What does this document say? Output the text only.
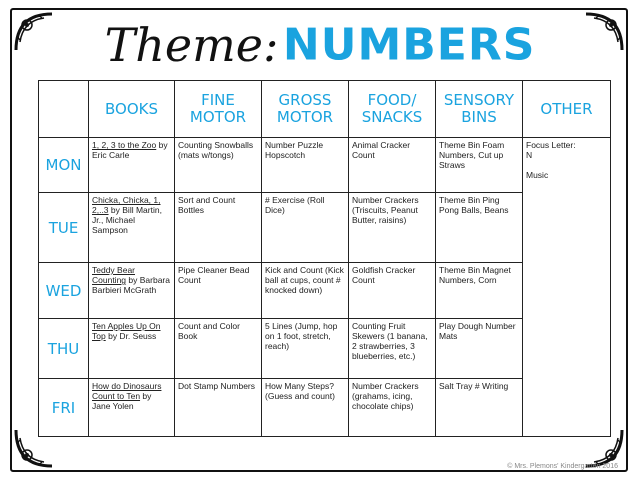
Theme: NUMBERS
	BOOKS	FINE MOTOR	GROSS MOTOR	FOOD/ SNACKS	SENSORY BINS	OTHER
MON	1, 2, 3 to the Zoo by Eric Carle	Counting Snowballs (mats w/tongs)	Number Puzzle Hopscotch	Animal Cracker Count	Theme Bin Foam Numbers, Cut up Straws	Focus Letter: N
Music

TUE	Chicka, Chicka, 1, 2,..3 by Bill Martin, Jr., Michael Sampson	Sort and Count Bottles	# Exercise (Roll Dice)	Number Crackers (Triscuits, Peanut Butter, raisins)	Theme Bin Ping Pong Balls, Beans	
WED	Teddy Bear Counting by Barbara Barbieri McGrath	Pipe Cleaner Bead Count	Kick and Count (Kick ball at cups, count # knocked down)	Goldfish Cracker Count	Theme Bin Magnet Numbers, Corn	
THU	Ten Apples Up On Top by Dr. Seuss	Count and Color Book	5 Lines (Jump, hop on 1 foot, stretch, reach)	Counting Fruit Skewers (1 banana, 2 strawberries, 3 blueberries, etc.)	Play Dough Number Mats	
FRI	How do Dinosaurs Count to Ten by Jane Yolen	Dot Stamp Numbers	How Many Steps? (Guess and count)	Number Crackers (grahams, icing, chocolate chips)	Salt Tray # Writing	
© Mrs. Plemons' Kindergarten 2016
